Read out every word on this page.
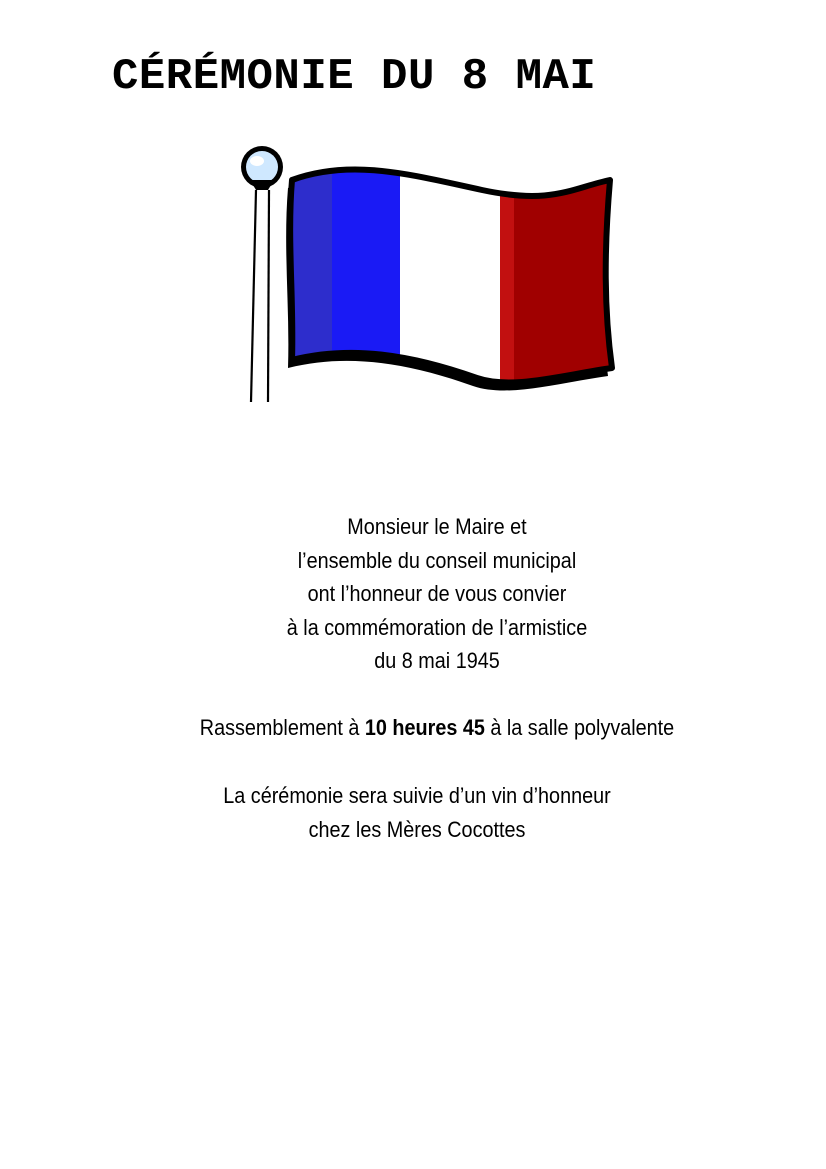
CÉRÉMONIE DU 8 MAI
Monsieur le Maire et
l’ensemble du conseil municipal
ont l’honneur de vous convier
à la commémoration de l’armistice
du 8 mai 1945
Rassemblement à 10 heures 45 à la salle polyvalente
La cérémonie sera suivie d’un vin d’honneur
chez les Mères Cocottes
